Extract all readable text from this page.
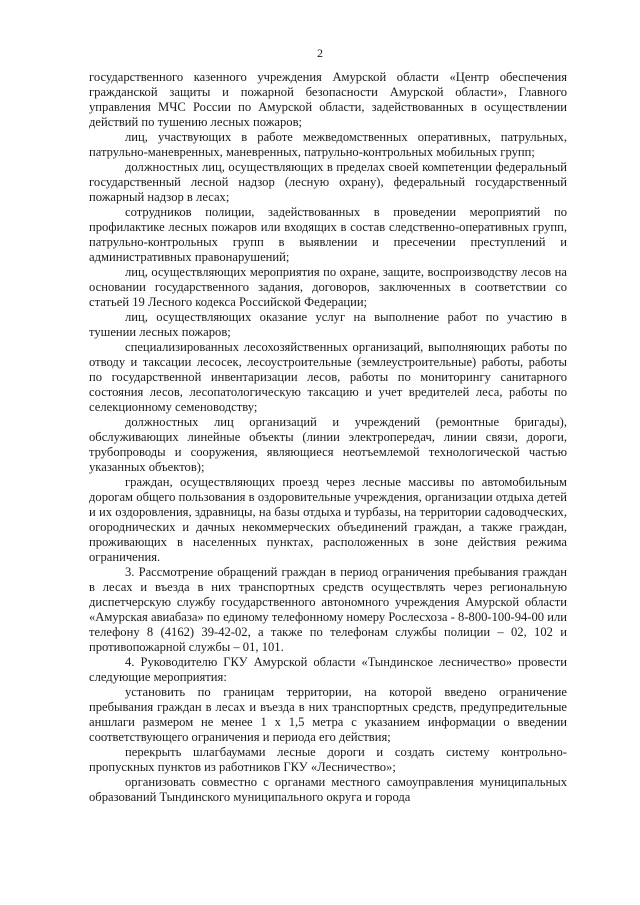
2

государственного казенного учреждения Амурской области «Центр обеспечения гражданской защиты и пожарной безопасности Амурской области», Главного управления МЧС России по Амурской области, задействованных в осуществлении действий по тушению лесных пожаров;

лиц, участвующих в работе межведомственных оперативных, патрульных, патрульно-маневренных, маневренных, патрульно-контрольных мобильных групп;

должностных лиц, осуществляющих в пределах своей компетенции федеральный государственный лесной надзор (лесную охрану), федеральный государственный пожарный надзор в лесах;

сотрудников полиции, задействованных в проведении мероприятий по профилактике лесных пожаров или входящих в состав следственно-оперативных групп, патрульно-контрольных групп в выявлении и пресечении преступлений и административных правонарушений;

лиц, осуществляющих мероприятия по охране, защите, воспроизводству лесов на основании государственного задания, договоров, заключенных в соответствии со статьей 19 Лесного кодекса Российской Федерации;

лиц, осуществляющих оказание услуг на выполнение работ по участию в тушении лесных пожаров;

специализированных лесохозяйственных организаций, выполняющих работы по отводу и таксации лесосек, лесоустроительные (землеустроительные) работы, работы по государственной инвентаризации лесов, работы по мониторингу санитарного состояния лесов, лесопатологическую таксацию и учет вредителей леса, работы по селекционному семеноводству;

должностных лиц организаций и учреждений (ремонтные бригады), обслуживающих линейные объекты (линии электропередач, линии связи, дороги, трубопроводы и сооружения, являющиеся неотъемлемой технологической частью указанных объектов);

граждан, осуществляющих проезд через лесные массивы по автомобильным дорогам общего пользования в оздоровительные учреждения, организации отдыха детей и их оздоровления, здравницы, на базы отдыха и турбазы, на территории садоводческих, огороднических и дачных некоммерческих объединений граждан, а также граждан, проживающих в населенных пунктах, расположенных в зоне действия режима ограничения.

3. Рассмотрение обращений граждан в период ограничения пребывания граждан в лесах и въезда в них транспортных средств осуществлять через региональную диспетчерскую службу государственного автономного учреждения Амурской области «Амурская авиабаза» по единому телефонному номеру Рослесхоза - 8-800-100-94-00 или телефону 8 (4162) 39-42-02, а также по телефонам службы полиции – 02, 102 и противопожарной службы – 01, 101.

4. Руководителю ГКУ Амурской области «Тындинское лесничество» провести следующие мероприятия:

установить по границам территории, на которой введено ограничение пребывания граждан в лесах и въезда в них транспортных средств, предупредительные аншлаги размером не менее 1 х 1,5 метра с указанием информации о введении соответствующего ограничения и периода его действия;

перекрыть шлагбаумами лесные дороги и создать систему контрольно-пропускных пунктов из работников ГКУ «Лесничество»;

организовать совместно с органами местного самоуправления муниципальных образований Тындинского муниципального округа и города
